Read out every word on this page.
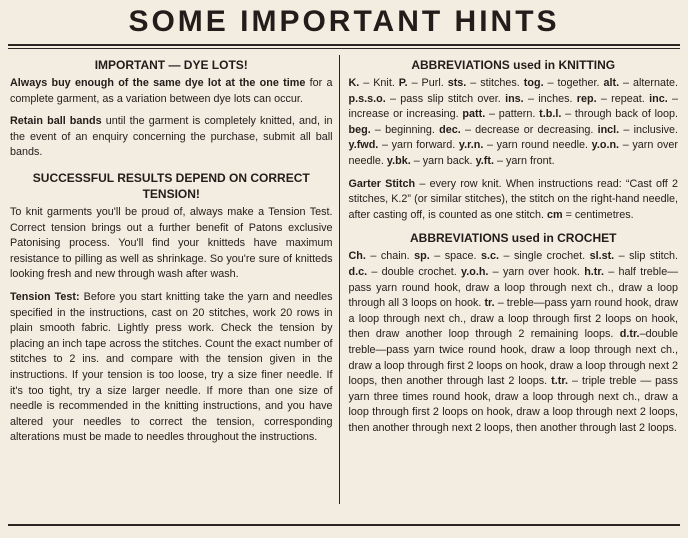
SOME IMPORTANT HINTS
IMPORTANT — DYE LOTS!

Always buy enough of the same dye lot at the one time for a complete garment, as a variation between dye lots can occur.

Retain ball bands until the garment is completely knitted, and, in the event of an enquiry concerning the purchase, submit all ball bands.

SUCCESSFUL RESULTS DEPEND ON CORRECT TENSION!

To knit garments you'll be proud of, always make a Tension Test. Correct tension brings out a further benefit of Patons exclusive Patonising process. You'll find your knitteds have maximum resistance to pilling as well as shrinkage. So you're sure of knitteds looking fresh and new through wash after wash.

Tension Test: Before you start knitting take the yarn and needles specified in the instructions, cast on 20 stitches, work 20 rows in plain smooth fabric. Lightly press work. Check the tension by placing an inch tape across the stitches. Count the exact number of stitches to 2 ins. and compare with the tension given in the instructions. If your tension is too loose, try a size finer needle. If it's too tight, try a size larger needle. If more than one size of needle is recommended in the knitting instructions, and you have altered your needles to correct the tension, corresponding alterations must be made to needles throughout the instructions.

ABBREVIATIONS used in KNITTING

K. – Knit. P. – Purl. sts. – stitches. tog. – together. alt. – alternate. p.s.s.o. – pass slip stitch over. ins. – inches. rep. – repeat. inc. – increase or increasing. patt. – pattern. t.b.l. – through back of loop. beg. – beginning. dec. – decrease or decreasing. incl. – inclusive. y.fwd. – yarn forward. y.r.n. – yarn round needle. y.o.n. – yarn over needle. y.bk. – yarn back. y.ft. – yarn front.

Garter Stitch – every row knit. When instructions read: “Cast off 2 stitches, K.2” (or similar stitches), the stitch on the right-hand needle, after casting off, is counted as one stitch. cm = centimetres.

ABBREVIATIONS used in CROCHET

Ch. – chain. sp. – space. s.c. – single crochet. sl.st. – slip stitch. d.c. – double crochet. y.o.h. – yarn over hook. h.tr. – half treble—pass yarn round hook, draw a loop through next ch., draw a loop through all 3 loops on hook. tr. – treble—pass yarn round hook, draw a loop through next ch., draw a loop through first 2 loops on hook, then draw another loop through 2 remaining loops. d.tr.–double treble—pass yarn twice round hook, draw a loop through next ch., draw a loop through first 2 loops on hook, draw a loop through next 2 loops, then another through last 2 loops. t.tr. – triple treble — pass yarn three times round hook, draw a loop through next ch., draw a loop through first 2 loops on hook, draw a loop through next 2 loops, then another through next 2 loops, then another through last 2 loops.
